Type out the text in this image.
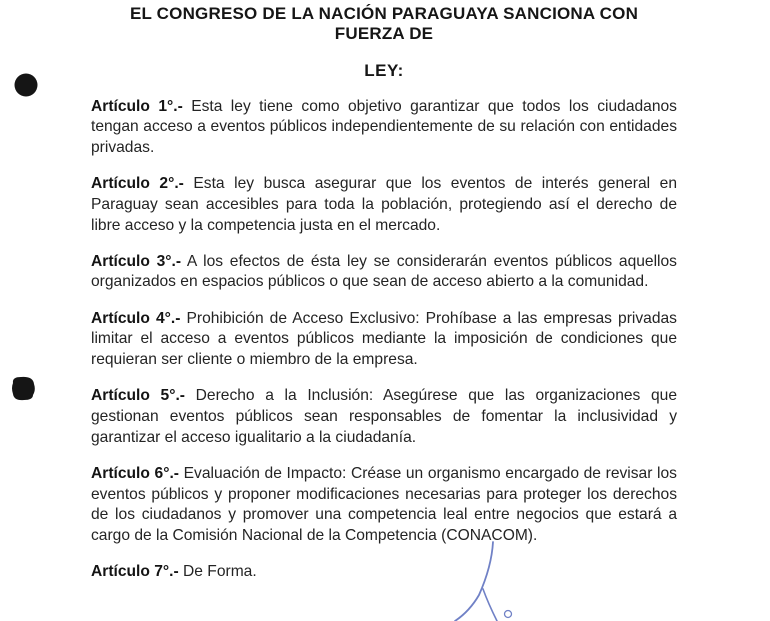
EL CONGRESO DE LA NACIÓN PARAGUAYA SANCIONA CON
FUERZA DE
LEY:

Artículo 1°.- Esta ley tiene como objetivo garantizar que todos los ciudadanos tengan acceso a eventos públicos independientemente de su relación con entidades privadas.

Artículo 2°.- Esta ley busca asegurar que los eventos de interés general en Paraguay sean accesibles para toda la población, protegiendo así el derecho de libre acceso y la competencia justa en el mercado.

Artículo 3°.- A los efectos de ésta ley se considerarán eventos públicos aquellos organizados en espacios públicos o que sean de acceso abierto a la comunidad.

Artículo 4°.- Prohibición de Acceso Exclusivo: Prohíbase a las empresas privadas limitar el acceso a eventos públicos mediante la imposición de condiciones que requieran ser cliente o miembro de la empresa.

Artículo 5°.- Derecho a la Inclusión: Asegúrese que las organizaciones que gestionan eventos públicos sean responsables de fomentar la inclusividad y garantizar el acceso igualitario a la ciudadanía.

Artículo 6°.- Evaluación de Impacto: Créase un organismo encargado de revisar los eventos públicos y proponer modificaciones necesarias para proteger los derechos de los ciudadanos y promover una competencia leal entre negocios que estará a cargo de la Comisión Nacional de la Competencia (CONACOM).

Artículo 7°.- De Forma.
